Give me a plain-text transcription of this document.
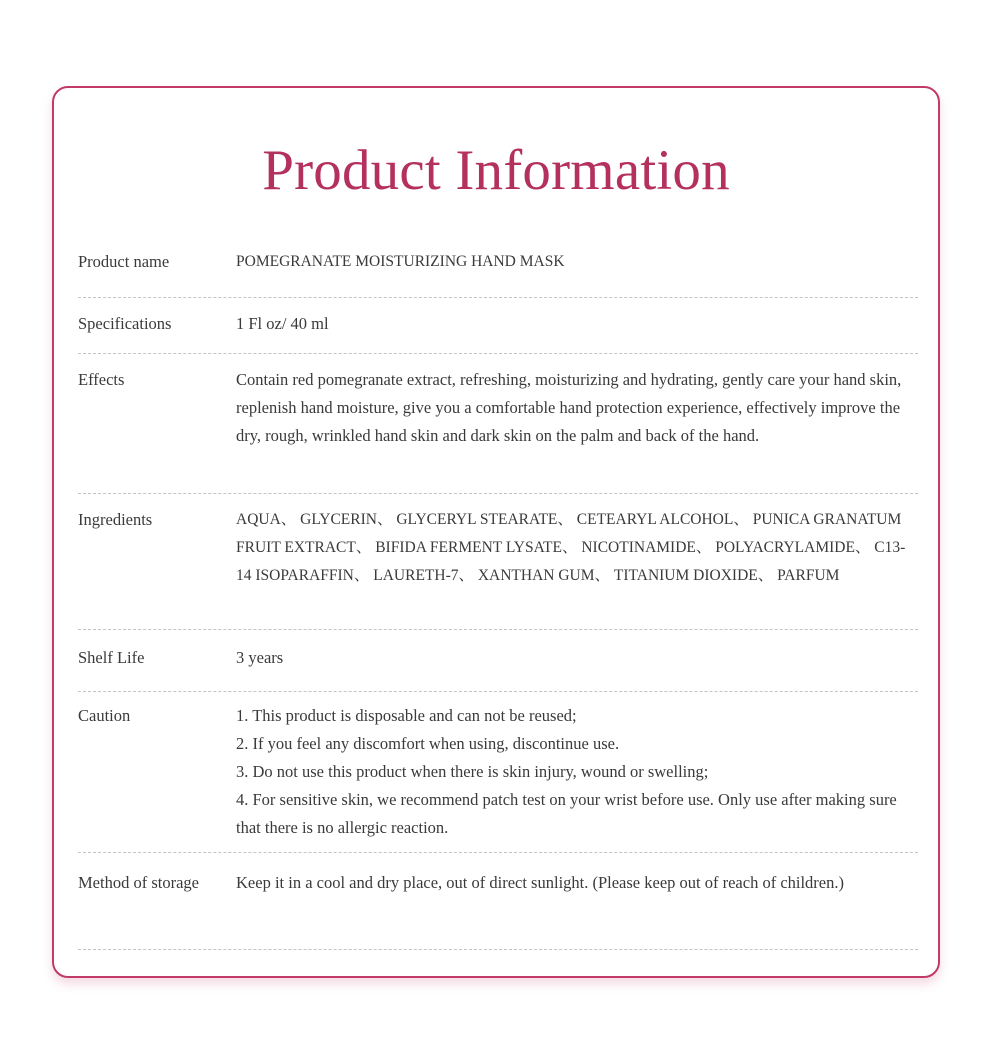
Product Information
Product name	POMEGRANATE MOISTURIZING HAND MASK
Specifications	1 Fl oz/ 40 ml
Effects	Contain red pomegranate extract, refreshing, moisturizing and hydrating, gently care your hand skin, replenish hand moisture, give you a comfortable hand protection experience, effectively improve the dry, rough, wrinkled hand skin and dark skin on the palm and back of the hand.
Ingredients	AQUA、 GLYCERIN、 GLYCERYL STEARATE、 CETEARYL ALCOHOL、 PUNICA GRANATUM FRUIT EXTRACT、 BIFIDA FERMENT LYSATE、 NICOTINAMIDE、 POLYACRYLAMIDE、 C13-14 ISOPARAFFIN、 LAURETH-7、 XANTHAN GUM、 TITANIUM DIOXIDE、 PARFUM
Shelf Life	3 years
Caution	1. This product is disposable and can not be reused;

2. If you feel any discomfort when using, discontinue use.

3. Do not use this product when there is skin injury, wound or swelling;

4. For sensitive skin, we recommend patch test on your wrist before use. Only use after making sure that there is no allergic reaction.

Method of storage	Keep it in a cool and dry place, out of direct sunlight. (Please keep out of reach of children.)
